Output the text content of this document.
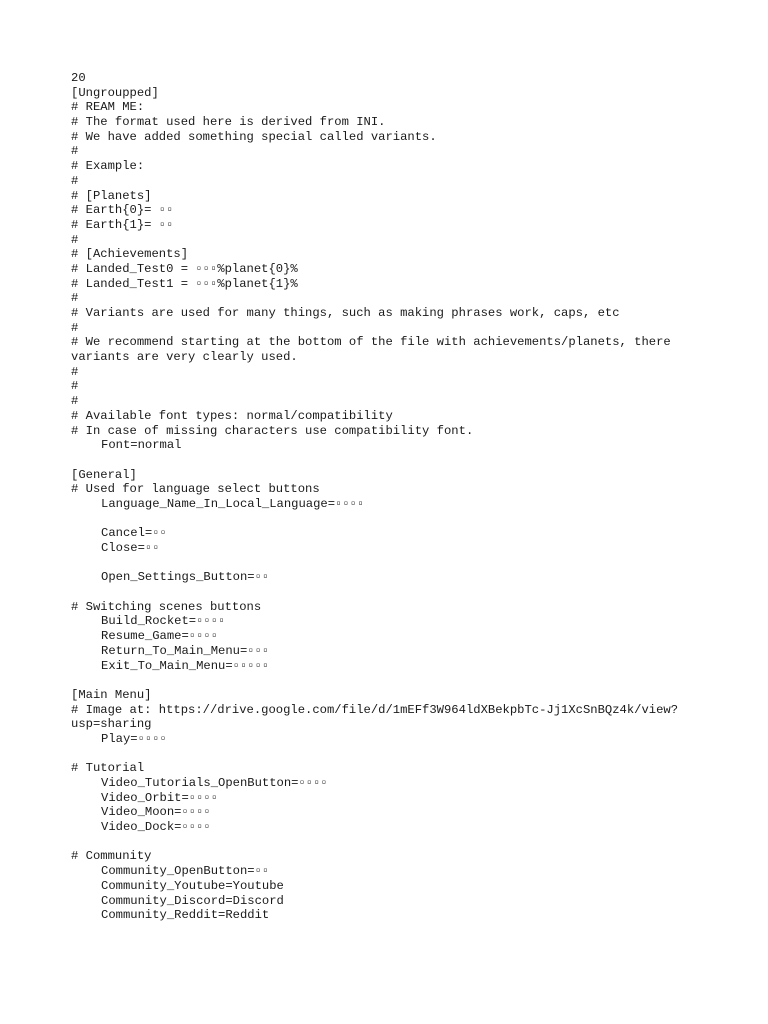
20
[Ungroupped]
# REAM ME:
# The format used here is derived from INI.
# We have added something special called variants.
#
# Example:
#
# [Planets]
# Earth{0}= ▫▫
# Earth{1}= ▫▫
#
# [Achievements]
# Landed_Test0 = ▫▫▫%planet{0}%
# Landed_Test1 = ▫▫▫%planet{1}%
#
# Variants are used for many things, such as making phrases work, caps, etc
#
# We recommend starting at the bottom of the file with achievements/planets, there
variants are very clearly used.
#
#
#
# Available font types: normal/compatibility
# In case of missing characters use compatibility font.
Font=normal
[General]
# Used for language select buttons
Language_Name_In_Local_Language=▫▫▫▫
Cancel=▫▫
Close=▫▫
Open_Settings_Button=▫▫
# Switching scenes buttons
Build_Rocket=▫▫▫▫
Resume_Game=▫▫▫▫
Return_To_Main_Menu=▫▫▫
Exit_To_Main_Menu=▫▫▫▫▫
[Main Menu]
# Image at: https://drive.google.com/file/d/1mEFf3W964ldXBekpbTc-Jj1XcSnBQz4k/view?
usp=sharing
Play=▫▫▫▫
# Tutorial
Video_Tutorials_OpenButton=▫▫▫▫
Video_Orbit=▫▫▫▫
Video_Moon=▫▫▫▫
Video_Dock=▫▫▫▫
# Community
Community_OpenButton=▫▫
Community_Youtube=Youtube
Community_Discord=Discord
Community_Reddit=Reddit
